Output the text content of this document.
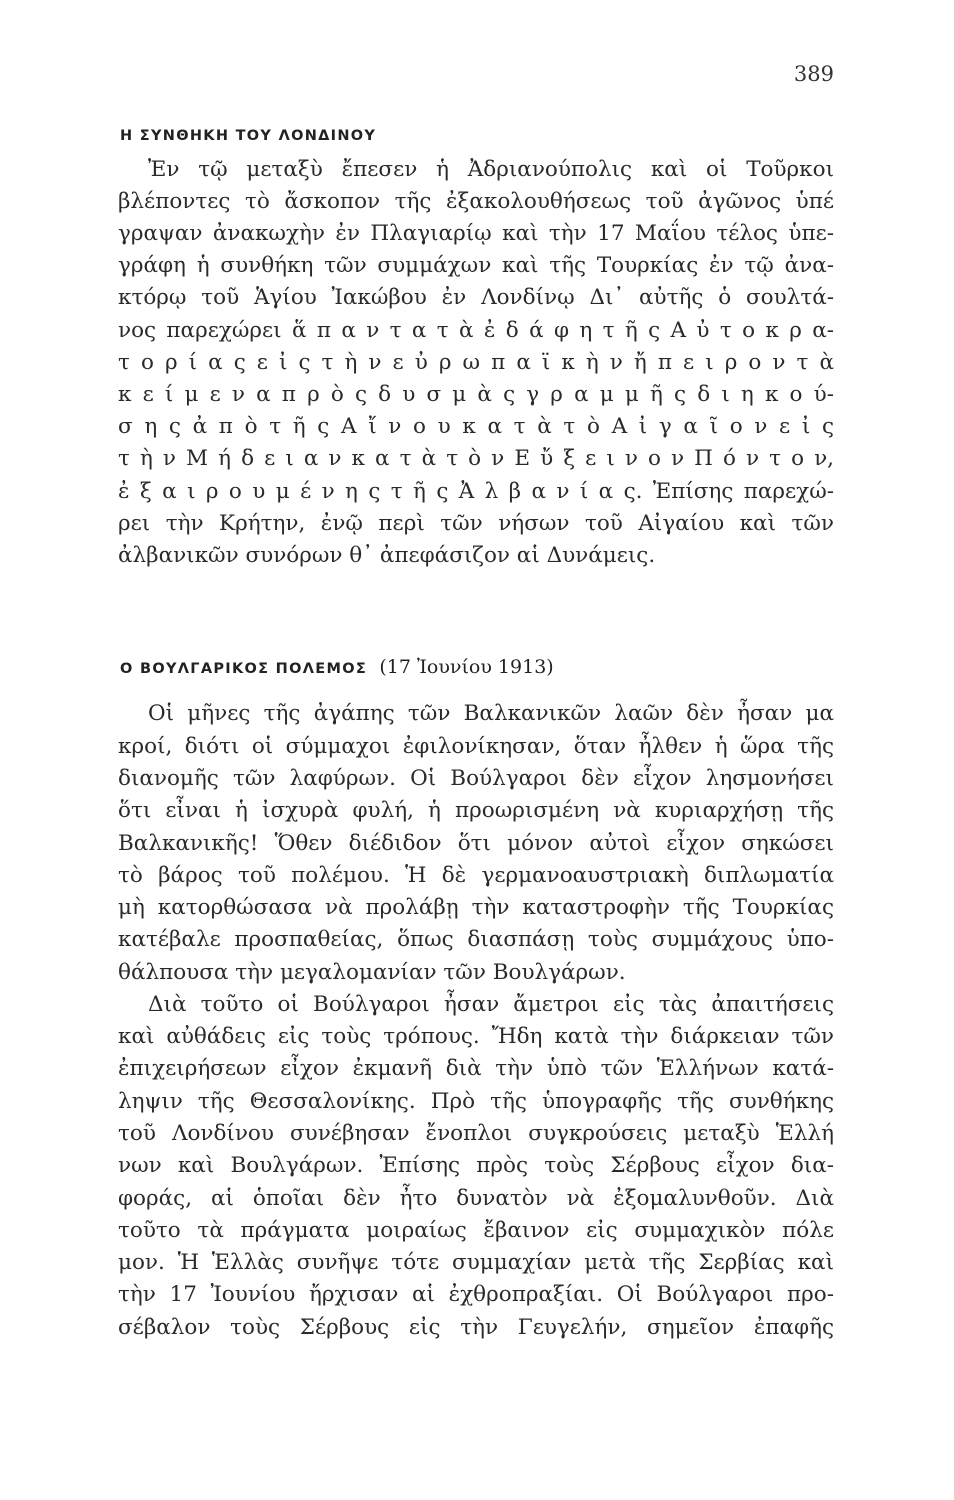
389
Η ΣΥΝΘΗΚΗ ΤΟΥ ΛΟΝΔΙΝΟΥ
Ἐν τῷ μεταξὺ ἔπεσεν ἡ Ἀδριανούπολις καὶ οἱ Τοῦρκοι
βλέποντες τὸ ἄσκοπον τῆς ἐξακολουθήσεως τοῦ ἀγῶνος ὑπέ
γραψαν ἀνακωχὴν ἐν Πλαγιαρίῳ καὶ τὴν 17 Μαΐου τέλος ὑπε-
γράφη ἡ συνθήκη τῶν συμμάχων καὶ τῆς Τουρκίας ἐν τῷ ἀνα-
κτόρῳ τοῦ Ἁγίου Ἰακώβου ἐν Λονδίνῳ Δι᾽ αὐτῆς ὁ σουλτά-
νος παρεχώρει ἅ π α ν τ α τ ὰ ἐ δ ά φ η τ ῆ ς Α ὐ τ ο κ ρ α-
τ ο ρ ί α ς ε ἰ ς τ ὴ ν ε ὐ ρ ω π α ϊ κ ὴ ν ἤ π ε ι ρ ο ν τ ὰ
κ ε ί μ ε ν α π ρ ὸ ς δ υ σ μ ὰ ς γ ρ α μ μ ῆ ς δ ι η κ ο ύ-
σ η ς ἀ π ὸ τ ῆ ς Α ἴ ν ο υ κ α τ ὰ τ ὸ Α ἰ γ α ῖ ο ν ε ἰ ς
τ ὴ ν Μ ή δ ε ι α ν κ α τ ὰ τ ὸ ν Ε ὔ ξ ε ι ν ο ν Π ό ν τ ο ν,
ἐ ξ α ι ρ ο υ μ έ ν η ς τ ῆ ς Ἀ λ β α ν ί α ς. Ἐπίσης παρεχώ-
ρει τὴν Κρήτην, ἐνῷ περὶ τῶν νήσων τοῦ Αἰγαίου καὶ τῶν
ἀλβανικῶν συνόρων θ᾽ ἀπεφάσιζον αἱ Δυνάμεις.
Ο ΒΟΥΛΓΑΡΙΚΟΣ ΠΟΛΕΜΟΣ (17 Ἰουνίου 1913)
Οἱ μῆνες τῆς ἀγάπης τῶν Βαλκανικῶν λαῶν δὲν ἦσαν μα
κροί, διότι οἱ σύμμαχοι ἐφιλονίκησαν, ὅταν ἦλθεν ἡ ὥρα τῆς
διανομῆς τῶν λαφύρων. Οἱ Βούλγαροι δὲν εἶχον λησμονήσει
ὅτι εἶναι ἡ ἰσχυρὰ φυλή, ἡ προωρισμένη νὰ κυριαρχήσῃ τῆς
Βαλκανικῆς! Ὅθεν διέδιδον ὅτι μόνον αὐτοὶ εἶχον σηκώσει
τὸ βάρος τοῦ πολέμου. Ἡ δὲ γερμανοαυστριακὴ διπλωματία
μὴ κατορθώσασα νὰ προλάβῃ τὴν καταστροφὴν τῆς Τουρκίας
κατέβαλε προσπαθείας, ὅπως διασπάσῃ τοὺς συμμάχους ὑπο-
θάλπουσα τὴν μεγαλομανίαν τῶν Βουλγάρων.
Διὰ τοῦτο οἱ Βούλγαροι ἦσαν ἄμετροι εἰς τὰς ἀπαιτήσεις
καὶ αὐθάδεις εἰς τοὺς τρόπους. Ἤδη κατὰ τὴν διάρκειαν τῶν
ἐπιχειρήσεων εἶχον ἐκμανῆ διὰ τὴν ὑπὸ τῶν Ἑλλήνων κατά-
ληψιν τῆς Θεσσαλονίκης. Πρὸ τῆς ὑπογραφῆς τῆς συνθήκης
τοῦ Λονδίνου συνέβησαν ἔνοπλοι συγκρούσεις μεταξὺ Ἑλλή
νων καὶ Βουλγάρων. Ἐπίσης πρὸς τοὺς Σέρβους εἶχον δια-
φοράς, αἱ ὁποῖαι δὲν ἦτο δυνατὸν νὰ ἐξομαλυνθοῦν. Διὰ
τοῦτο τὰ πράγματα μοιραίως ἔβαινον εἰς συμμαχικὸν πόλε
μον. Ἡ Ἑλλὰς συνῆψε τότε συμμαχίαν μετὰ τῆς Σερβίας καὶ
τὴν 17 Ἰουνίου ἤρχισαν αἱ ἐχθροπραξίαι. Οἱ Βούλγαροι προ-
σέβαλον τοὺς Σέρβους εἰς τὴν Γευγελήν, σημεῖον ἐπαφῆς
